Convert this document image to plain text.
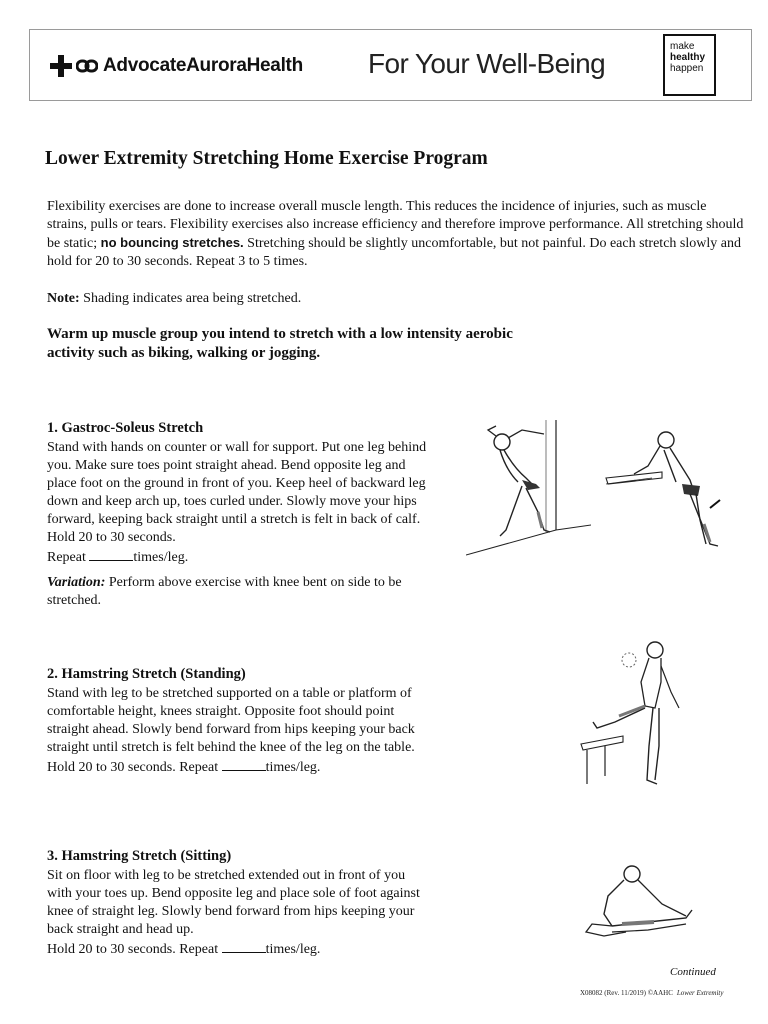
AdvocateAuroraHealth For Your Well-Being
make
healthy
happen
Lower Extremity Stretching Home Exercise Program
Flexibility exercises are done to increase overall muscle length. This reduces the incidence of injuries, such as muscle strains, pulls or tears. Flexibility exercises also increase efficiency and therefore improve performance. All stretching should be static; no bouncing stretches. Stretching should be slightly uncomfortable, but not painful. Do each stretch slowly and hold for 20 to 30 seconds. Repeat 3 to 5 times.
Note: Shading indicates area being stretched.
Warm up muscle group you intend to stretch with a low intensity aerobic activity such as biking, walking or jogging.
1. Gastroc-Soleus Stretch
Stand with hands on counter or wall for support. Put one leg behind you. Make sure toes point straight ahead. Bend opposite leg and place foot on the ground in front of you. Keep heel of backward leg down and keep arch up, toes curled under. Slowly move your hips forward, keeping back straight until a stretch is felt in back of calf. Hold 20 to 30 seconds.
Repeat	times/leg.
Variation: Perform above exercise with knee bent on side to be stretched.
2. Hamstring Stretch (Standing)
Stand with leg to be stretched supported on a table or platform of comfortable height, knees straight. Opposite foot should point straight ahead. Slowly bend forward from hips keeping your back straight until stretch is felt behind the knee of the leg on the table.
Hold 20 to 30 seconds. Repeat	times/leg.
3. Hamstring Stretch (Sitting)
Sit on floor with leg to be stretched extended out in front of you with your toes up. Bend opposite leg and place sole of foot against knee of straight leg. Slowly bend forward from hips keeping your back straight and head up.
Hold 20 to 30 seconds. Repeat	times/leg.
Continued
X08082 (Rev. 11/2019) ©AAHC Lower Extremity
